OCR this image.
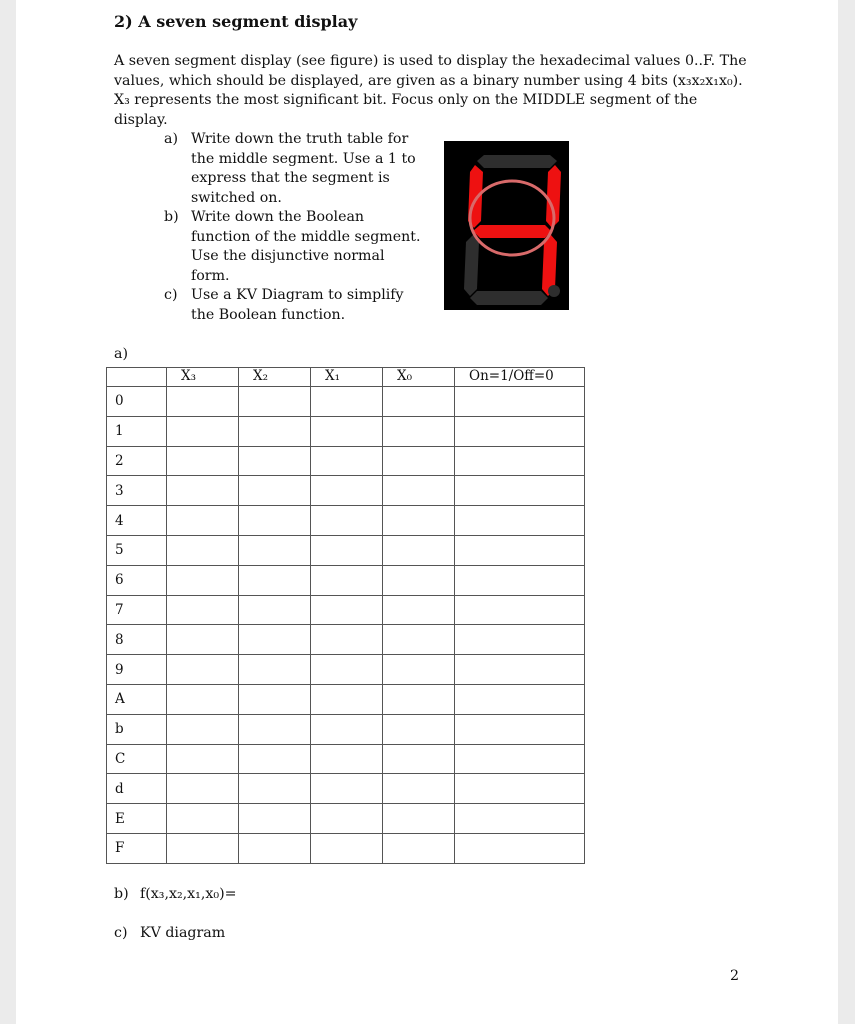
2) A seven segment display
A seven segment display (see figure) is used to display the hexadecimal values 0..F. The
values, which should be displayed, are given as a binary number using 4 bits (x₃x₂x₁x₀).
X₃ represents the most significant bit. Focus only on the MIDDLE segment of the display.
a) Write down the truth table for
the middle segment. Use a 1 to
express that the segment is
switched on.
b) Write down the Boolean
function of the middle segment.
Use the disjunctive normal
form.
c) Use a KV Diagram to simplify
the Boolean function.
a)
	X₃	X₂	X₁	X₀	On=1/Off=0
0					
1					
2					
3					
4					
5					
6					
7					
8					
9					
A					
b					
C					
d					
E					
F					

b) f(x₃,x₂,x₁,x₀)=

c) KV diagram

2
